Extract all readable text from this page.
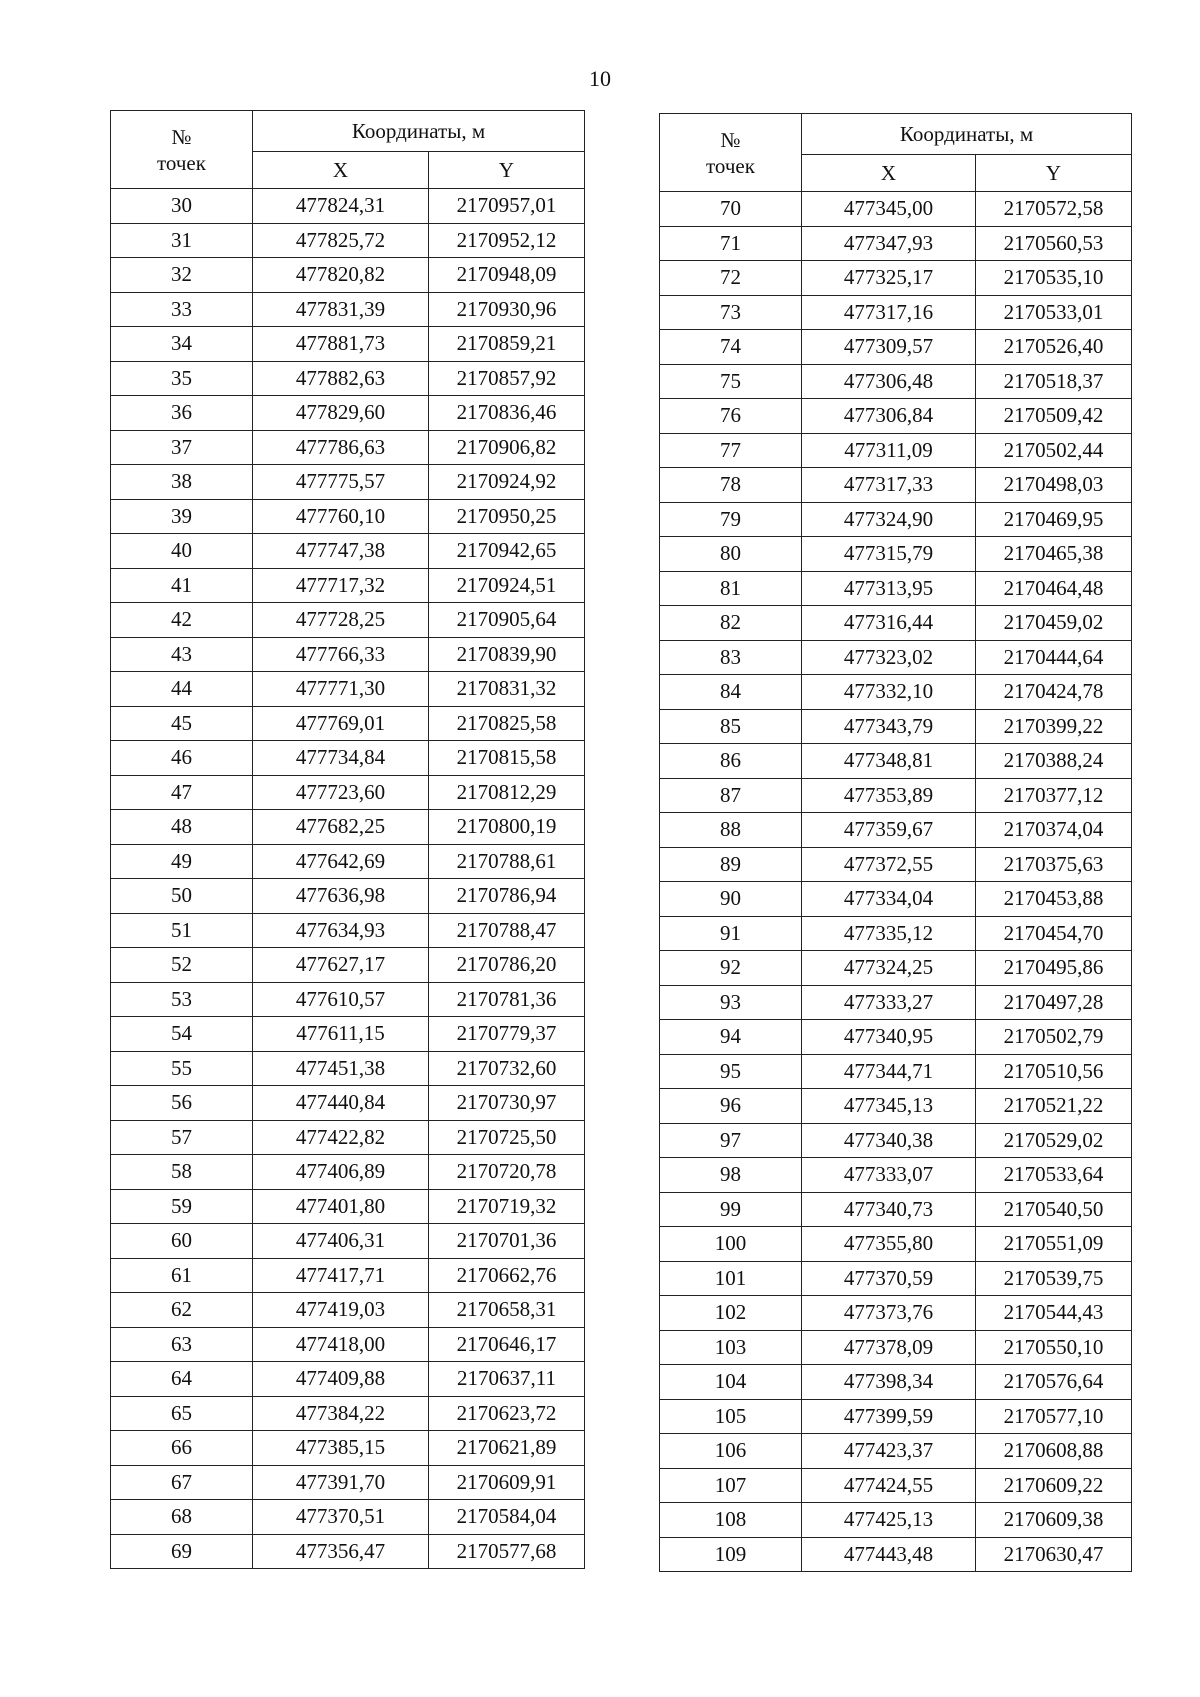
10
№
точек	Координаты, м	
	X	Y
30	477824,31	2170957,01
31	477825,72	2170952,12
32	477820,82	2170948,09
33	477831,39	2170930,96
34	477881,73	2170859,21
35	477882,63	2170857,92
36	477829,60	2170836,46
37	477786,63	2170906,82
38	477775,57	2170924,92
39	477760,10	2170950,25
40	477747,38	2170942,65
41	477717,32	2170924,51
42	477728,25	2170905,64
43	477766,33	2170839,90
44	477771,30	2170831,32
45	477769,01	2170825,58
46	477734,84	2170815,58
47	477723,60	2170812,29
48	477682,25	2170800,19
49	477642,69	2170788,61
50	477636,98	2170786,94
51	477634,93	2170788,47
52	477627,17	2170786,20
53	477610,57	2170781,36
54	477611,15	2170779,37
55	477451,38	2170732,60
56	477440,84	2170730,97
57	477422,82	2170725,50
58	477406,89	2170720,78
59	477401,80	2170719,32
60	477406,31	2170701,36
61	477417,71	2170662,76
62	477419,03	2170658,31
63	477418,00	2170646,17
64	477409,88	2170637,11
65	477384,22	2170623,72
66	477385,15	2170621,89
67	477391,70	2170609,91
68	477370,51	2170584,04
69	477356,47	2170577,68
№
точек	Координаты, м	
	X	Y
70	477345,00	2170572,58
71	477347,93	2170560,53
72	477325,17	2170535,10
73	477317,16	2170533,01
74	477309,57	2170526,40
75	477306,48	2170518,37
76	477306,84	2170509,42
77	477311,09	2170502,44
78	477317,33	2170498,03
79	477324,90	2170469,95
80	477315,79	2170465,38
81	477313,95	2170464,48
82	477316,44	2170459,02
83	477323,02	2170444,64
84	477332,10	2170424,78
85	477343,79	2170399,22
86	477348,81	2170388,24
87	477353,89	2170377,12
88	477359,67	2170374,04
89	477372,55	2170375,63
90	477334,04	2170453,88
91	477335,12	2170454,70
92	477324,25	2170495,86
93	477333,27	2170497,28
94	477340,95	2170502,79
95	477344,71	2170510,56
96	477345,13	2170521,22
97	477340,38	2170529,02
98	477333,07	2170533,64
99	477340,73	2170540,50
100	477355,80	2170551,09
101	477370,59	2170539,75
102	477373,76	2170544,43
103	477378,09	2170550,10
104	477398,34	2170576,64
105	477399,59	2170577,10
106	477423,37	2170608,88
107	477424,55	2170609,22
108	477425,13	2170609,38
109	477443,48	2170630,47
